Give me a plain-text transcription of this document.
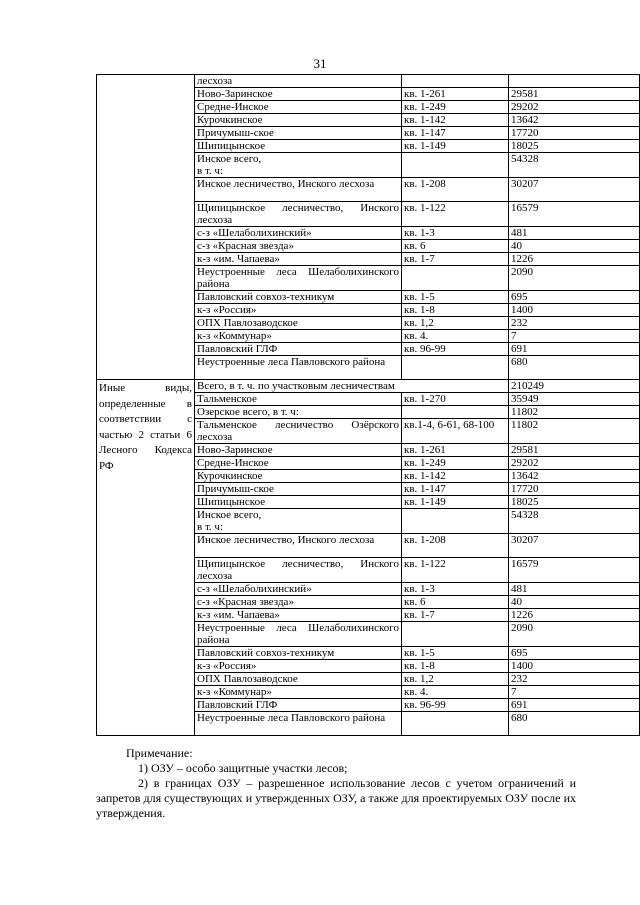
31

	лесхоза		

	Ново-Заринское	кв. 1-261	29581

	Средне-Инское	кв. 1-249	29202

	Курочкинское	кв. 1-142	13642

	Причумыш-ское	кв. 1-147	17720

	Шипицынское	кв. 1-149	18025

	Инское всего,
в т. ч:		54328

	Инское лесничество, Инского лесхоза	кв. 1-208	30207

	Щипицынское лесничество, Инского лесхоза	кв. 1-122	16579

	с-з «Шелаболихинский»	кв. 1-3	481

	с-з «Красная звезда»	кв. 6	40

	к-з «им. Чапаева»	кв. 1-7	1226

	Неустроенные леса Шелаболихинского района		2090

	Павловский совхоз-техникум	кв. 1-5	695

	к-з «Россия»	кв. 1-8	1400

	ОПХ Павлозаводское	кв. 1,2	232

	к-з «Коммунар»	кв. 4.	7

	Павловский ГЛФ	кв. 96-99	691

	Неустроенные леса Павловского района		680

Иные виды, определенные в соответствии с частью 2 статьи 6 Лесного Кодекса РФ	Всего, в т. ч. по участковым лесничествам		210249

	Тальменское	кв. 1-270	35949

	Озерское всего, в т. ч:		11802

	Тальменское лесничество Озёрского лесхоза	кв.1-4, 6-61, 68-100	11802

	Ново-Заринское	кв. 1-261	29581

	Средне-Инское	кв. 1-249	29202

	Курочкинское	кв. 1-142	13642

	Причумыш-ское	кв. 1-147	17720

	Шипицынское	кв. 1-149	18025

	Инское всего,
в т. ч:		54328

	Инское лесничество, Инского лесхоза	кв. 1-208	30207

	Щипицынское лесничество, Инского лесхоза	кв. 1-122	16579

	с-з «Шелаболихинский»	кв. 1-3	481

	с-з «Красная звезда»	кв. 6	40

	к-з «им. Чапаева»	кв. 1-7	1226

	Неустроенные леса Шелаболихинского района		2090

	Павловский совхоз-техникум	кв. 1-5	695

	к-з «Россия»	кв. 1-8	1400

	ОПХ Павлозаводское	кв. 1,2	232

	к-з «Коммунар»	кв. 4.	7

	Павловский ГЛФ	кв. 96-99	691

	Неустроенные леса Павловского района		680
Примечание:
1) ОЗУ – особо защитные участки лесов;
2) в границах ОЗУ – разрешенное использование лесов с учетом ограничений и запретов для существующих и утвержденных ОЗУ, а также для проектируемых ОЗУ после их утверждения.
